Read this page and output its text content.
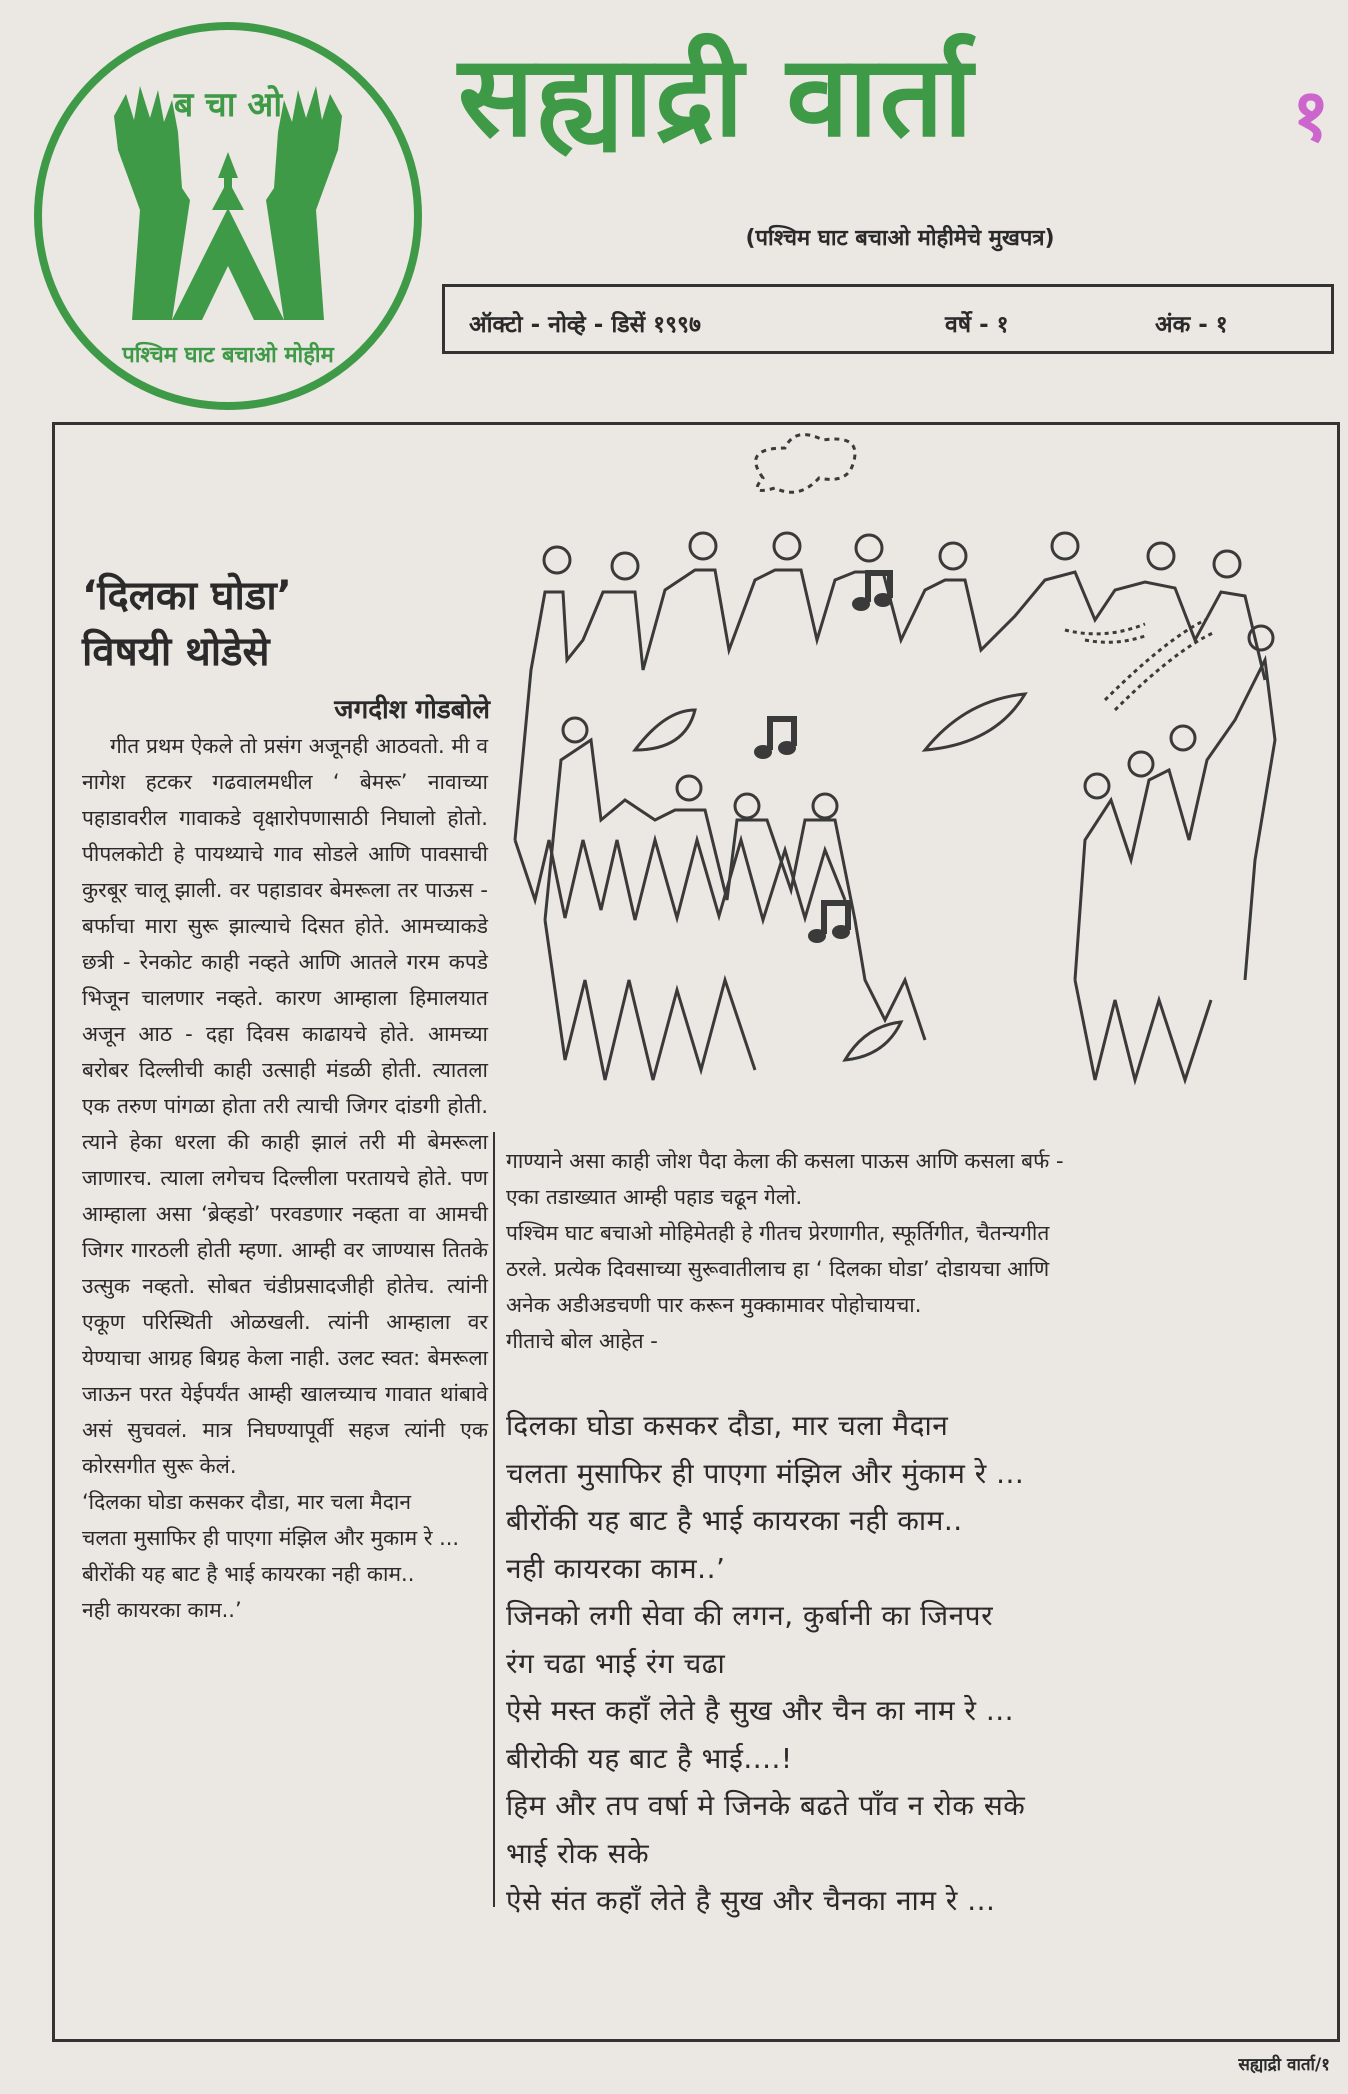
ब चा ओ
पश्चिम घाट बचाओ मोहीम
सह्याद्री वार्ता	१
(पश्चिम घाट बचाओ मोहीमेचे मुखपत्र)
ऑक्टो - नोव्हे - डिसें १९९७	वर्षे - १	अंक - १
‘दिलका घोडा’
विषयी थोडेसे
जगदीश गोडबोले

गीत प्रथम ऐकले तो प्रसंग अजूनही आठवतो. मी व नागेश हटकर गढवालमधील ‘ बेमरू’ नावाच्या पहाडावरील गावाकडे वृक्षारोपणासाठी निघालो होतो. पीपलकोटी हे पायथ्याचे गाव सोडले आणि पावसाची कुरबूर चालू झाली. वर पहाडावर बेमरूला तर पाऊस - बर्फाचा मारा सुरू झाल्याचे दिसत होते. आमच्याकडे छत्री - रेनकोट काही नव्हते आणि आतले गरम कपडे भिजून चालणार नव्हते. कारण आम्हाला हिमालयात अजून आठ - दहा दिवस काढायचे होते. आमच्या बरोबर दिल्लीची काही उत्साही मंडळी होती. त्यातला एक तरुण पांगळा होता तरी त्याची जिगर दांडगी होती. त्याने हेका धरला की काही झालं तरी मी बेमरूला जाणारच. त्याला लगेचच दिल्लीला परतायचे होते. पण आम्हाला असा ‘ब्रेव्हडो’ परवडणार नव्हता वा आमची जिगर गारठली होती म्हणा. आम्ही वर जाण्यास तितके उत्सुक नव्हतो. सोबत चंडीप्रसादजीही होतेच. त्यांनी एकूण परिस्थिती ओळखली. त्यांनी आम्हाला वर येण्याचा आग्रह बिग्रह केला नाही. उलट स्वत: बेमरूला जाऊन परत येईपर्यंत आम्ही खालच्याच गावात थांबावे असं सुचवलं. मात्र निघण्यापूर्वी सहज त्यांनी एक कोरसगीत सुरू केलं.

‘दिलका घोडा कसकर दौडा, मार चला मैदान
चलता मुसाफिर ही पाएगा मंझिल और मुकाम रे ...
बीरोंकी यह बाट है भाई कायरका नही काम..
नही कायरका काम..’
गाण्याने असा काही जोश पैदा केला की कसला पाऊस आणि कसला बर्फ -
एका तडाख्यात आम्ही पहाड चढून गेलो.
पश्चिम घाट बचाओ मोहिमेतही हे गीतच प्रेरणागीत, स्फूर्तिगीत, चैतन्यगीत
ठरले. प्रत्येक दिवसाच्या सुरूवातीलाच हा ‘ दिलका घोडा’ दोडायचा आणि
अनेक अडीअडचणी पार करून मुक्कामावर पोहोचायचा.
गीताचे बोल आहेत -
दिलका घोडा कसकर दौडा, मार चला मैदान
चलता मुसाफिर ही पाएगा मंझिल और मुंकाम रे ...
बीरोंकी यह बाट है भाई कायरका नही काम..
नही कायरका काम..’
जिनको लगी सेवा की लगन, कुर्बानी का जिनपर
रंग चढा भाई रंग चढा
ऐसे मस्त कहाँ लेते है सुख और चैन का नाम रे ...
बीरोकी यह बाट है भाई....!
हिम और तप वर्षा मे जिनके बढते पाँव न रोक सके
भाई रोक सके
ऐसे संत कहाँ लेते है सुख और चैनका नाम रे ...
सह्याद्री वार्ता/१
